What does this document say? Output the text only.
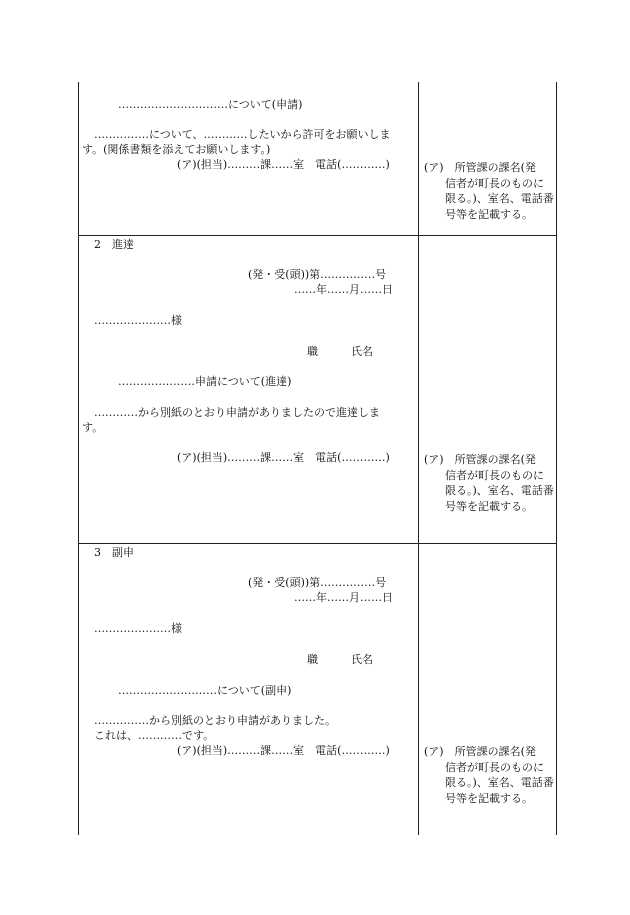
…………………………について(申請)
……………について、…………したいから許可をお願いしま
す。(関係書類を添えてお願いします。)
(ア)(担当)………課……室　電話(…………)	(ア)　所管課の課名(発
信者が町長のものに限る。)、室名、電話番号等を記載する。
2　進達
(発・受(頭))第……………号
……年……月……日
…………………様
職　　　氏名
…………………申請について(進達)
…………から別紙のとおり申請がありましたので進達しま
す。
(ア)(担当)………課……室　電話(…………)	(ア)　所管課の課名(発
信者が町長のものに限る。)、室名、電話番号等を記載する。
3　副申
(発・受(頭))第……………号
……年……月……日
…………………様
職　　　氏名
………………………について(副申)
……………から別紙のとおり申請がありました。
これは、…………です。
(ア)(担当)………課……室　電話(…………)	(ア)　所管課の課名(発
信者が町長のものに限る。)、室名、電話番号等を記載する。
